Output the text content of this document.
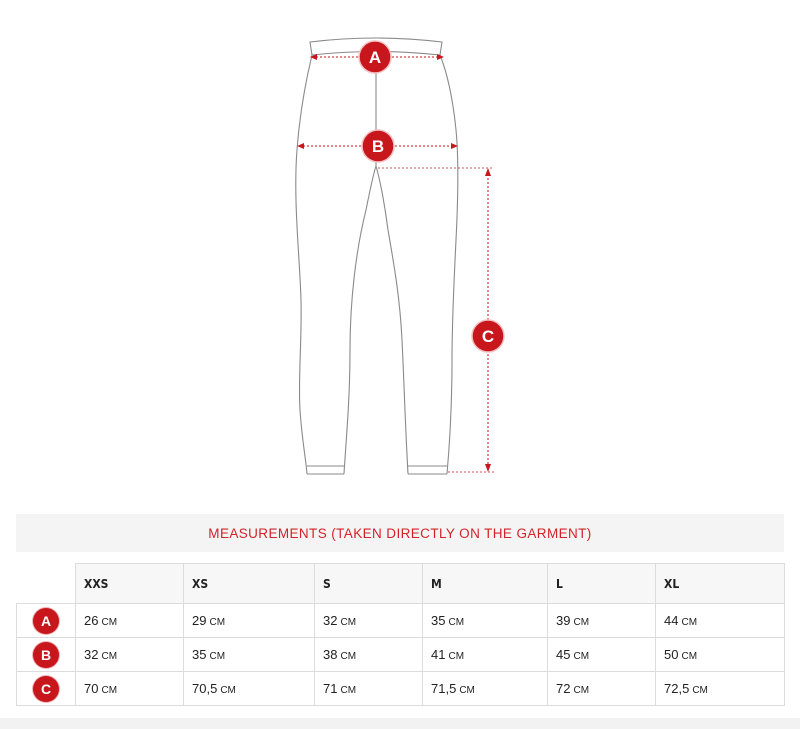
A
B
C
MEASUREMENTS (TAKEN DIRECTLY ON THE GARMENT)
	XXS	XS	S	M	L	XL
A	26 CM	29 CM	32 CM	35 CM	39 CM	44 CM
B	32 CM	35 CM	38 CM	41 CM	45 CM	50 CM
C	70 CM	70,5 CM	71 CM	71,5 CM	72 CM	72,5 CM
